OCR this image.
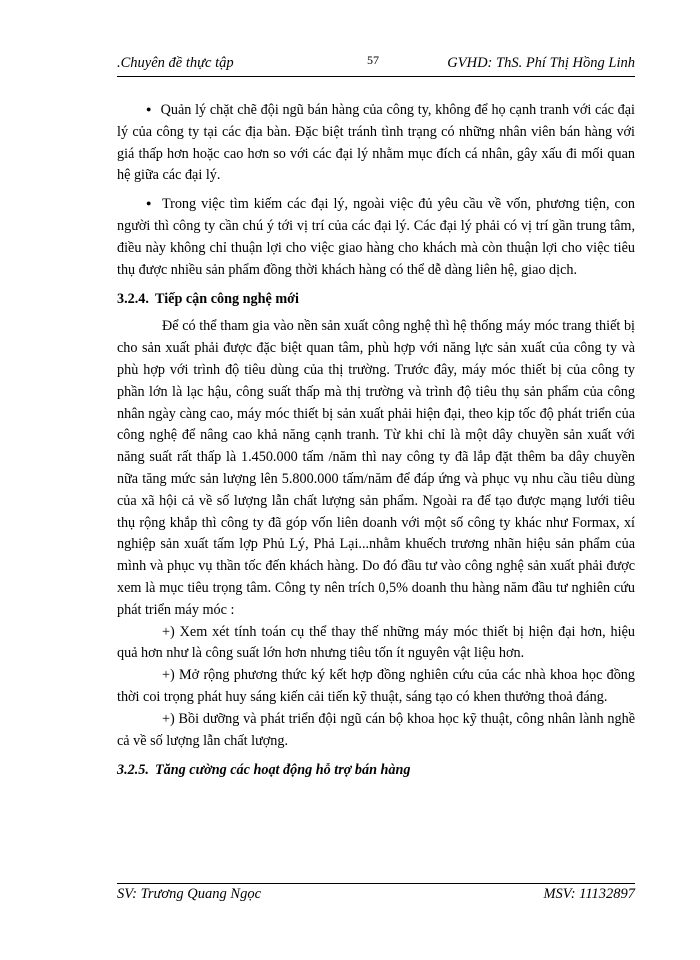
.Chuyên đề thực tập	57	GVHD: ThS. Phí Thị Hồng Linh

● Quản lý chặt chẽ đội ngũ bán hàng của công ty, không để họ cạnh tranh với các đại lý của công ty tại các địa bàn. Đặc biệt tránh tình trạng có những nhân viên bán hàng với giá thấp hơn hoặc cao hơn so với các đại lý nhằm mục đích cá nhân, gây xấu đi mối quan hệ giữa các đại lý.

● Trong việc tìm kiếm các đại lý, ngoài việc đủ yêu cầu về vốn, phương tiện, con người thì công ty cần chú ý tới vị trí của các đại lý. Các đại lý phải có vị trí gần trung tâm, điều này không chỉ thuận lợi cho việc giao hàng cho khách mà còn thuận lợi cho việc tiêu thụ được nhiều sản phẩm đồng thời khách hàng có thể dễ dàng liên hệ, giao dịch.

3.2.4. Tiếp cận công nghệ mới

Để có thể tham gia vào nền sản xuất công nghệ thì hệ thống máy móc trang thiết bị cho sản xuất phải được đặc biệt quan tâm, phù hợp với năng lực sản xuất của công ty và phù hợp với trình độ tiêu dùng của thị trường. Trước đây, máy móc thiết bị của công ty phần lớn là lạc hậu, công suất thấp mà thị trường và trình độ tiêu thụ sản phẩm của công nhân ngày càng cao, máy móc thiết bị sản xuất phải hiện đại, theo kịp tốc độ phát triển của công nghệ để nâng cao khả năng cạnh tranh. Từ khi chỉ là một dây chuyền sản xuất với năng suất rất thấp là 1.450.000 tấm /năm thì nay công ty đã lắp đặt thêm ba dây chuyền nữa tăng mức sản lượng lên 5.800.000 tấm/năm để đáp ứng và phục vụ nhu cầu tiêu dùng của xã hội cả về số lượng lẫn chất lượng sản phẩm. Ngoài ra để tạo được mạng lưới tiêu thụ rộng khắp thì công ty đã góp vốn liên doanh với một số công ty khác như Formax, xí nghiệp sản xuất tấm lợp Phủ Lý, Phả Lại...nhằm khuếch trương nhãn hiệu sản phẩm của mình và phục vụ thần tốc đến khách hàng. Do đó đầu tư vào công nghệ sản xuất phải được xem là mục tiêu trọng tâm. Công ty nên trích 0,5% doanh thu hàng năm đầu tư nghiên cứu phát triển máy móc :

+) Xem xét tính toán cụ thể thay thế những máy móc thiết bị hiện đại hơn, hiệu quả hơn như là công suất lớn hơn nhưng tiêu tốn ít nguyên vật liệu hơn.

+) Mở rộng phương thức ký kết hợp đồng nghiên cứu của các nhà khoa học đồng thời coi trọng phát huy sáng kiến cải tiến kỹ thuật, sáng tạo có khen thưởng thoả đáng.

+) Bồi dưỡng và phát triển đội ngũ cán bộ khoa học kỹ thuật, công nhân lành nghề cả về số lượng lẫn chất lượng.

3.2.5. Tăng cường các hoạt động hỗ trợ bán hàng
SV: Trương Quang Ngọc	MSV: 11132897
